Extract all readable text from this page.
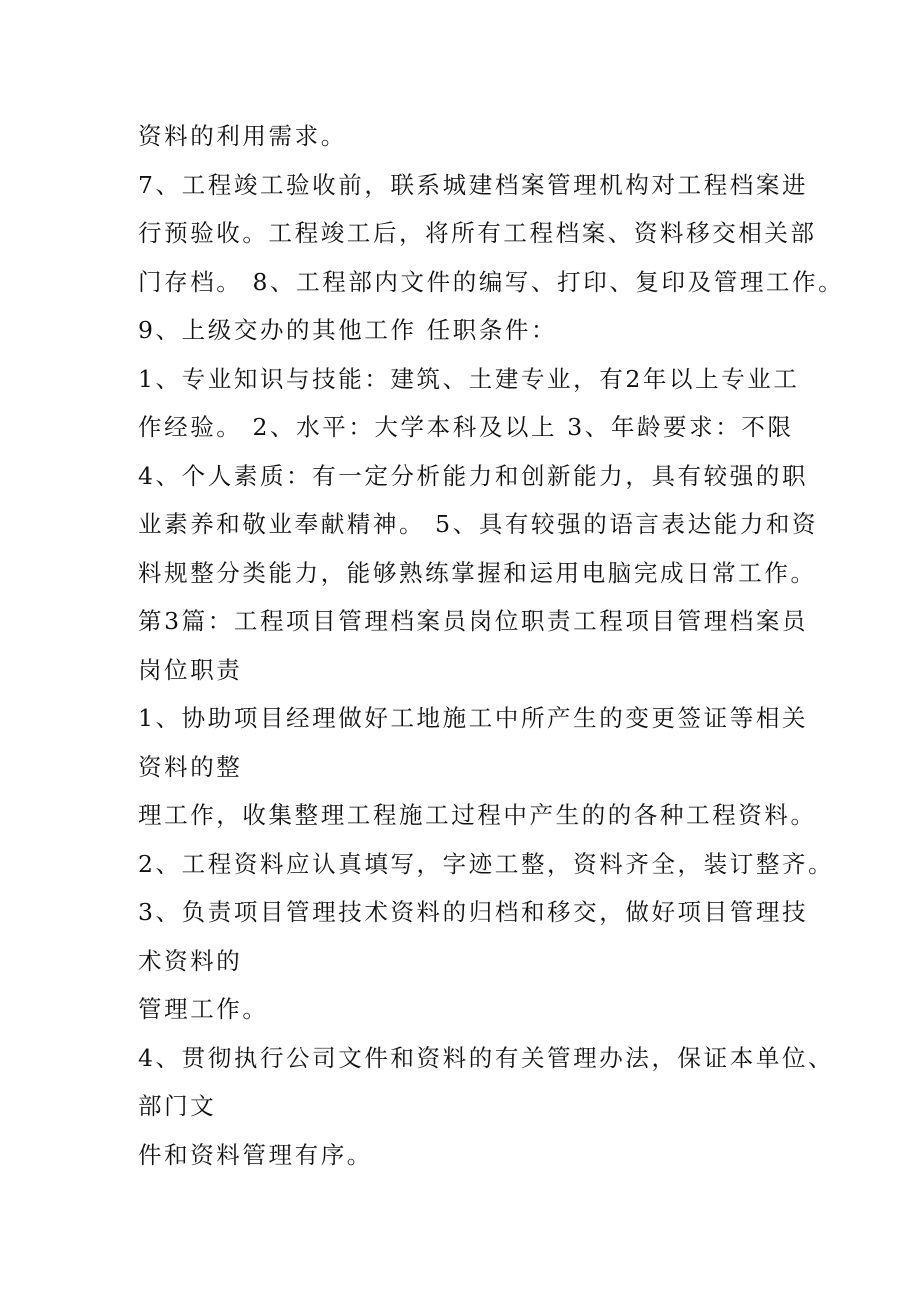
资料的利用需求。
7、工程竣工验收前，联系城建档案管理机构对工程档案进
行预验收。工程竣工后，将所有工程档案、资料移交相关部
门存档。 8、工程部内文件的编写、打印、复印及管理工作。
9、上级交办的其他工作 任职条件：
1、专业知识与技能：建筑、土建专业，有2年以上专业工
作经验。 2、水平：大学本科及以上 3、年龄要求：不限
4、个人素质：有一定分析能力和创新能力，具有较强的职
业素养和敬业奉献精神。 5、具有较强的语言表达能力和资
料规整分类能力，能够熟练掌握和运用电脑完成日常工作。
第3篇：工程项目管理档案员岗位职责工程项目管理档案员
岗位职责
1、协助项目经理做好工地施工中所产生的变更签证等相关
资料的整
理工作，收集整理工程施工过程中产生的的各种工程资料。
2、工程资料应认真填写，字迹工整，资料齐全，装订整齐。
3、负责项目管理技术资料的归档和移交，做好项目管理技
术资料的
管理工作。
4、贯彻执行公司文件和资料的有关管理办法，保证本单位、
部门文
件和资料管理有序。
